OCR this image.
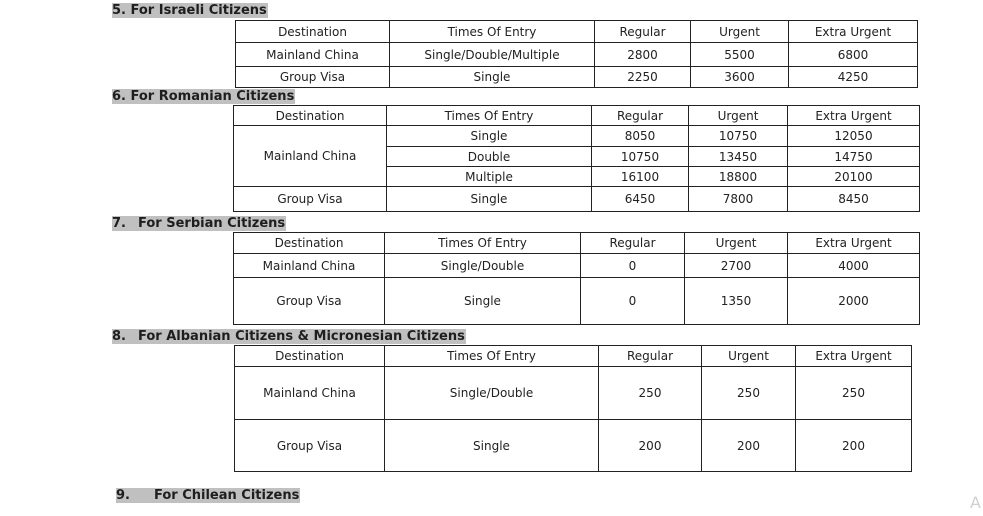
5. For Israeli Citizens
Destination	Times Of Entry	Regular	Urgent	Extra Urgent
Mainland China	Single/Double/Multiple	2800	5500	6800
Group Visa	Single	2250	3600	4250
6. For Romanian Citizens
Destination	Times Of Entry	Regular	Urgent	Extra Urgent
Mainland China	Single	8050	10750	12050
	Double	10750	13450	14750
	Multiple	16100	18800	20100
Group Visa	Single	6450	7800	8450
7. For Serbian Citizens
Destination	Times Of Entry	Regular	Urgent	Extra Urgent
Mainland China	Single/Double	0	2700	4000
Group Visa	Single	0	1350	2000
8. For Albanian Citizens & Micronesian Citizens
Destination	Times Of Entry	Regular	Urgent	Extra Urgent
Mainland China	Single/Double	250	250	250
Group Visa	Single	200	200	200
9. For Chilean Citizens	A
